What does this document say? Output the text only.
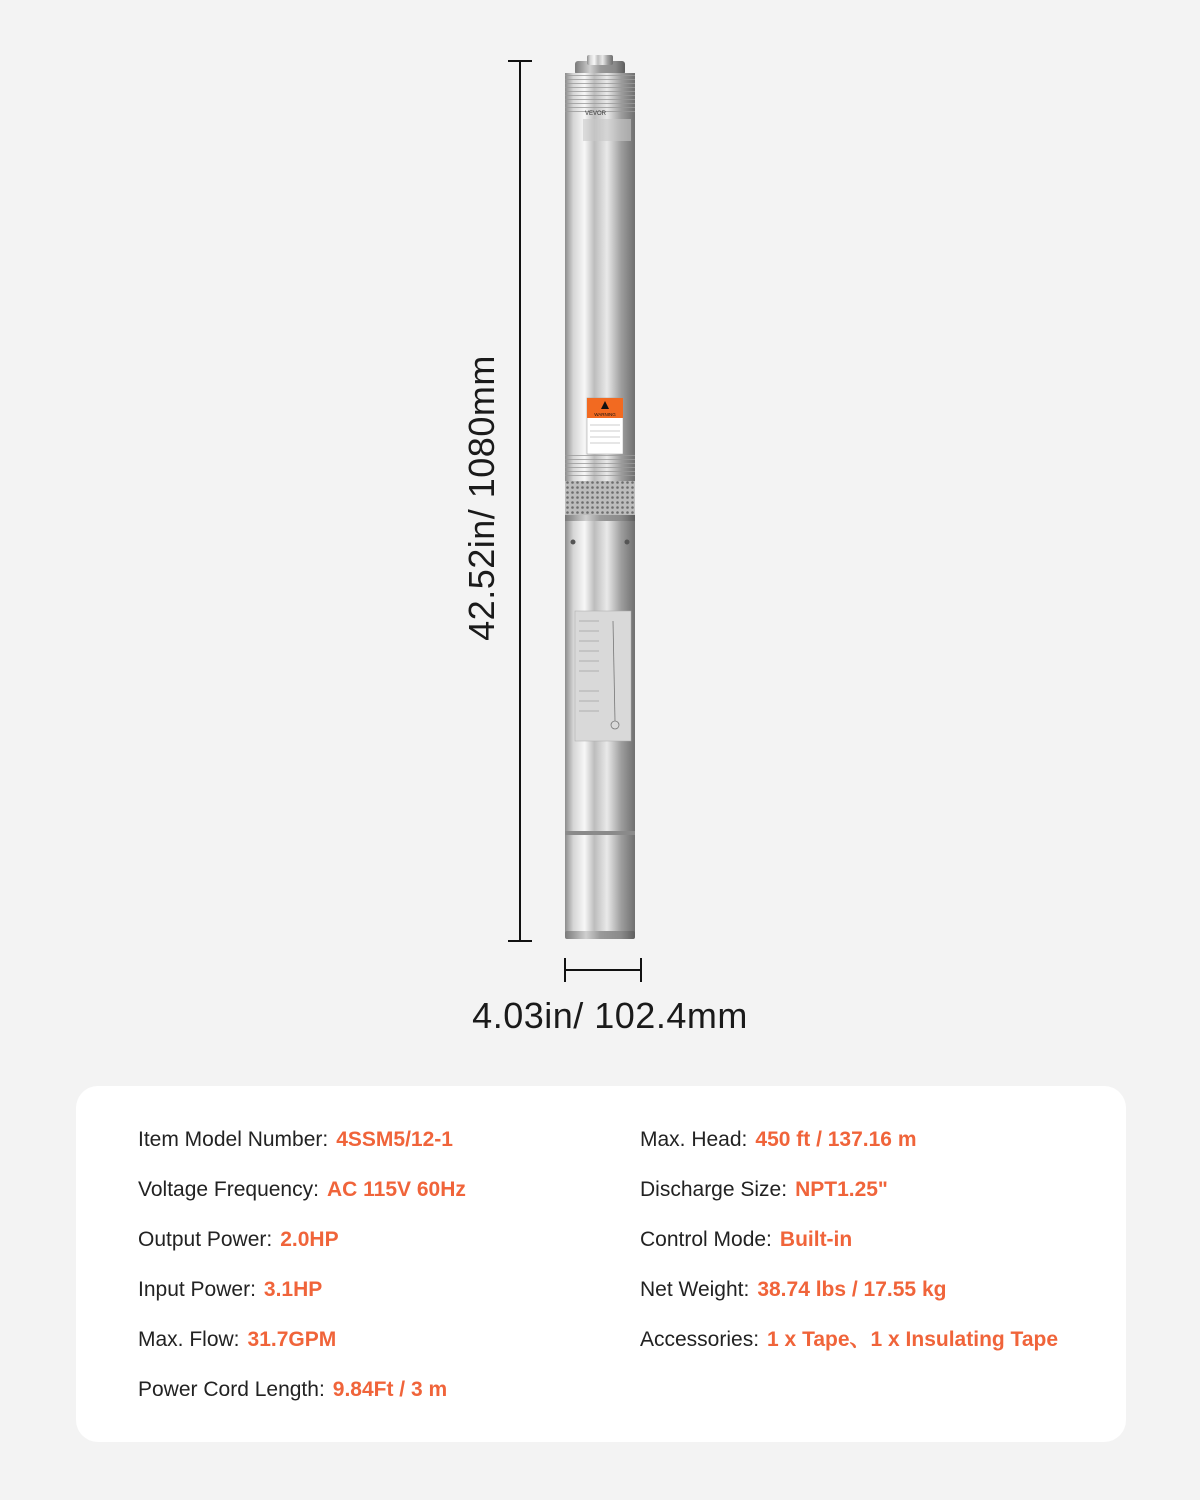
42.52in/ 1080mm
VEVOR
WARNING
4.03in/ 102.4mm
Item Model Number: 4SSM5/12-1
Voltage Frequency: AC 115V 60Hz
Output Power: 2.0HP
Input Power: 3.1HP
Max. Flow: 31.7GPM
Power Cord Length: 9.84Ft / 3 m
Max. Head: 450 ft / 137.16 m
Discharge Size: NPT1.25"
Control Mode: Built-in
Net Weight: 38.74 lbs / 17.55 kg
Accessories: 1 x Tape、1 x Insulating Tape
